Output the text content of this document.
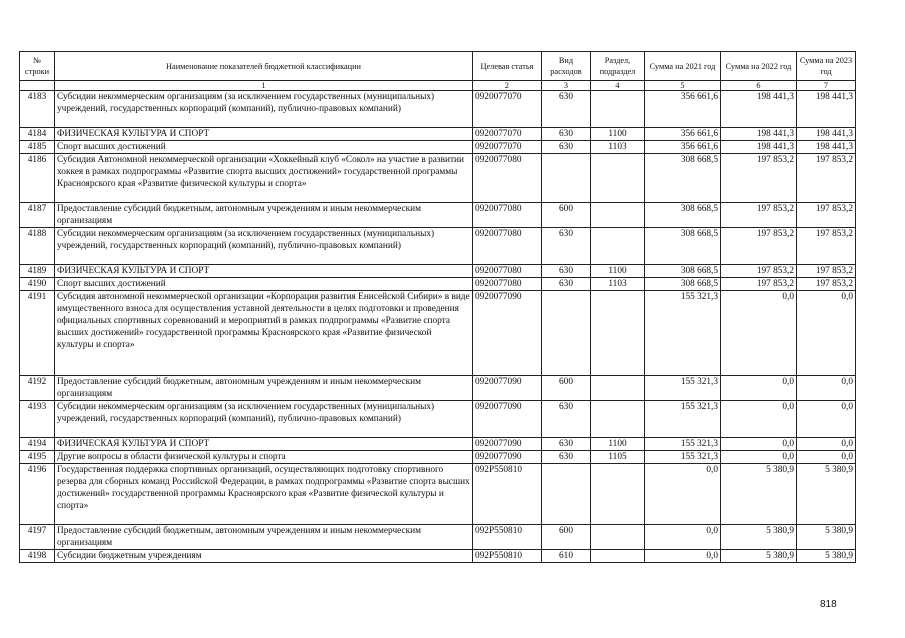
№ строки	Наименование показателей бюджетной классификации	Целевая статья	Вид расходов	Раздел, подраздел	Сумма на 2021 год	Сумма на 2022 год	Сумма на 2023 год
	1	2	3	4	5	6	7
4183	Субсидии некоммерческим организациям (за исключением государственных (муниципальных) учреждений, государственных корпораций (компаний), публично-правовых компаний)	0920077070	630		356 661,6	198 441,3	198 441,3
4184	ФИЗИЧЕСКАЯ КУЛЬТУРА И СПОРТ	0920077070	630	1100	356 661,6	198 441,3	198 441,3
4185	Спорт высших достижений	0920077070	630	1103	356 661,6	198 441,3	198 441,3
4186	Субсидия Автономной некоммерческой организации «Хоккейный клуб «Сокол» на участие в развитии хоккея в рамках подпрограммы «Развитие спорта высших достижений» государственной программы Красноярского края «Развитие физической культуры и спорта»	0920077080			308 668,5	197 853,2	197 853,2
4187	Предоставление субсидий бюджетным, автономным учреждениям и иным некоммерческим организациям	0920077080	600		308 668,5	197 853,2	197 853,2
4188	Субсидии некоммерческим организациям (за исключением государственных (муниципальных) учреждений, государственных корпораций (компаний), публично-правовых компаний)	0920077080	630		308 668,5	197 853,2	197 853,2
4189	ФИЗИЧЕСКАЯ КУЛЬТУРА И СПОРТ	0920077080	630	1100	308 668,5	197 853,2	197 853,2
4190	Спорт высших достижений	0920077080	630	1103	308 668,5	197 853,2	197 853,2
4191	Субсидия автономной некоммерческой организации «Корпорация развития Енисейской Сибири» в виде имущественного взноса для осуществления уставной деятельности в целях подготовки и проведения официальных спортивных соревнований и мероприятий в рамках подпрограммы «Развитие спорта высших достижений» государственной программы Красноярского края «Развитие физической культуры и спорта»	0920077090			155 321,3	0,0	0,0
4192	Предоставление субсидий бюджетным, автономным учреждениям и иным некоммерческим организациям	0920077090	600		155 321,3	0,0	0,0
4193	Субсидии некоммерческим организациям (за исключением государственных (муниципальных) учреждений, государственных корпораций (компаний), публично-правовых компаний)	0920077090	630		155 321,3	0,0	0,0
4194	ФИЗИЧЕСКАЯ КУЛЬТУРА И СПОРТ	0920077090	630	1100	155 321,3	0,0	0,0
4195	Другие вопросы в области физической культуры и спорта	0920077090	630	1105	155 321,3	0,0	0,0
4196	Государственная поддержка спортивных организаций, осуществляющих подготовку спортивного резерва для сборных команд Российской Федерации, в рамках подпрограммы «Развитие спорта высших достижений» государственной программы Красноярского края «Развитие физической культуры и спорта»	092P550810			0,0	5 380,9	5 380,9
4197	Предоставление субсидий бюджетным, автономным учреждениям и иным некоммерческим организациям	092P550810	600		0,0	5 380,9	5 380,9
4198	Субсидии бюджетным учреждениям	092P550810	610		0,0	5 380,9	5 380,9
818
